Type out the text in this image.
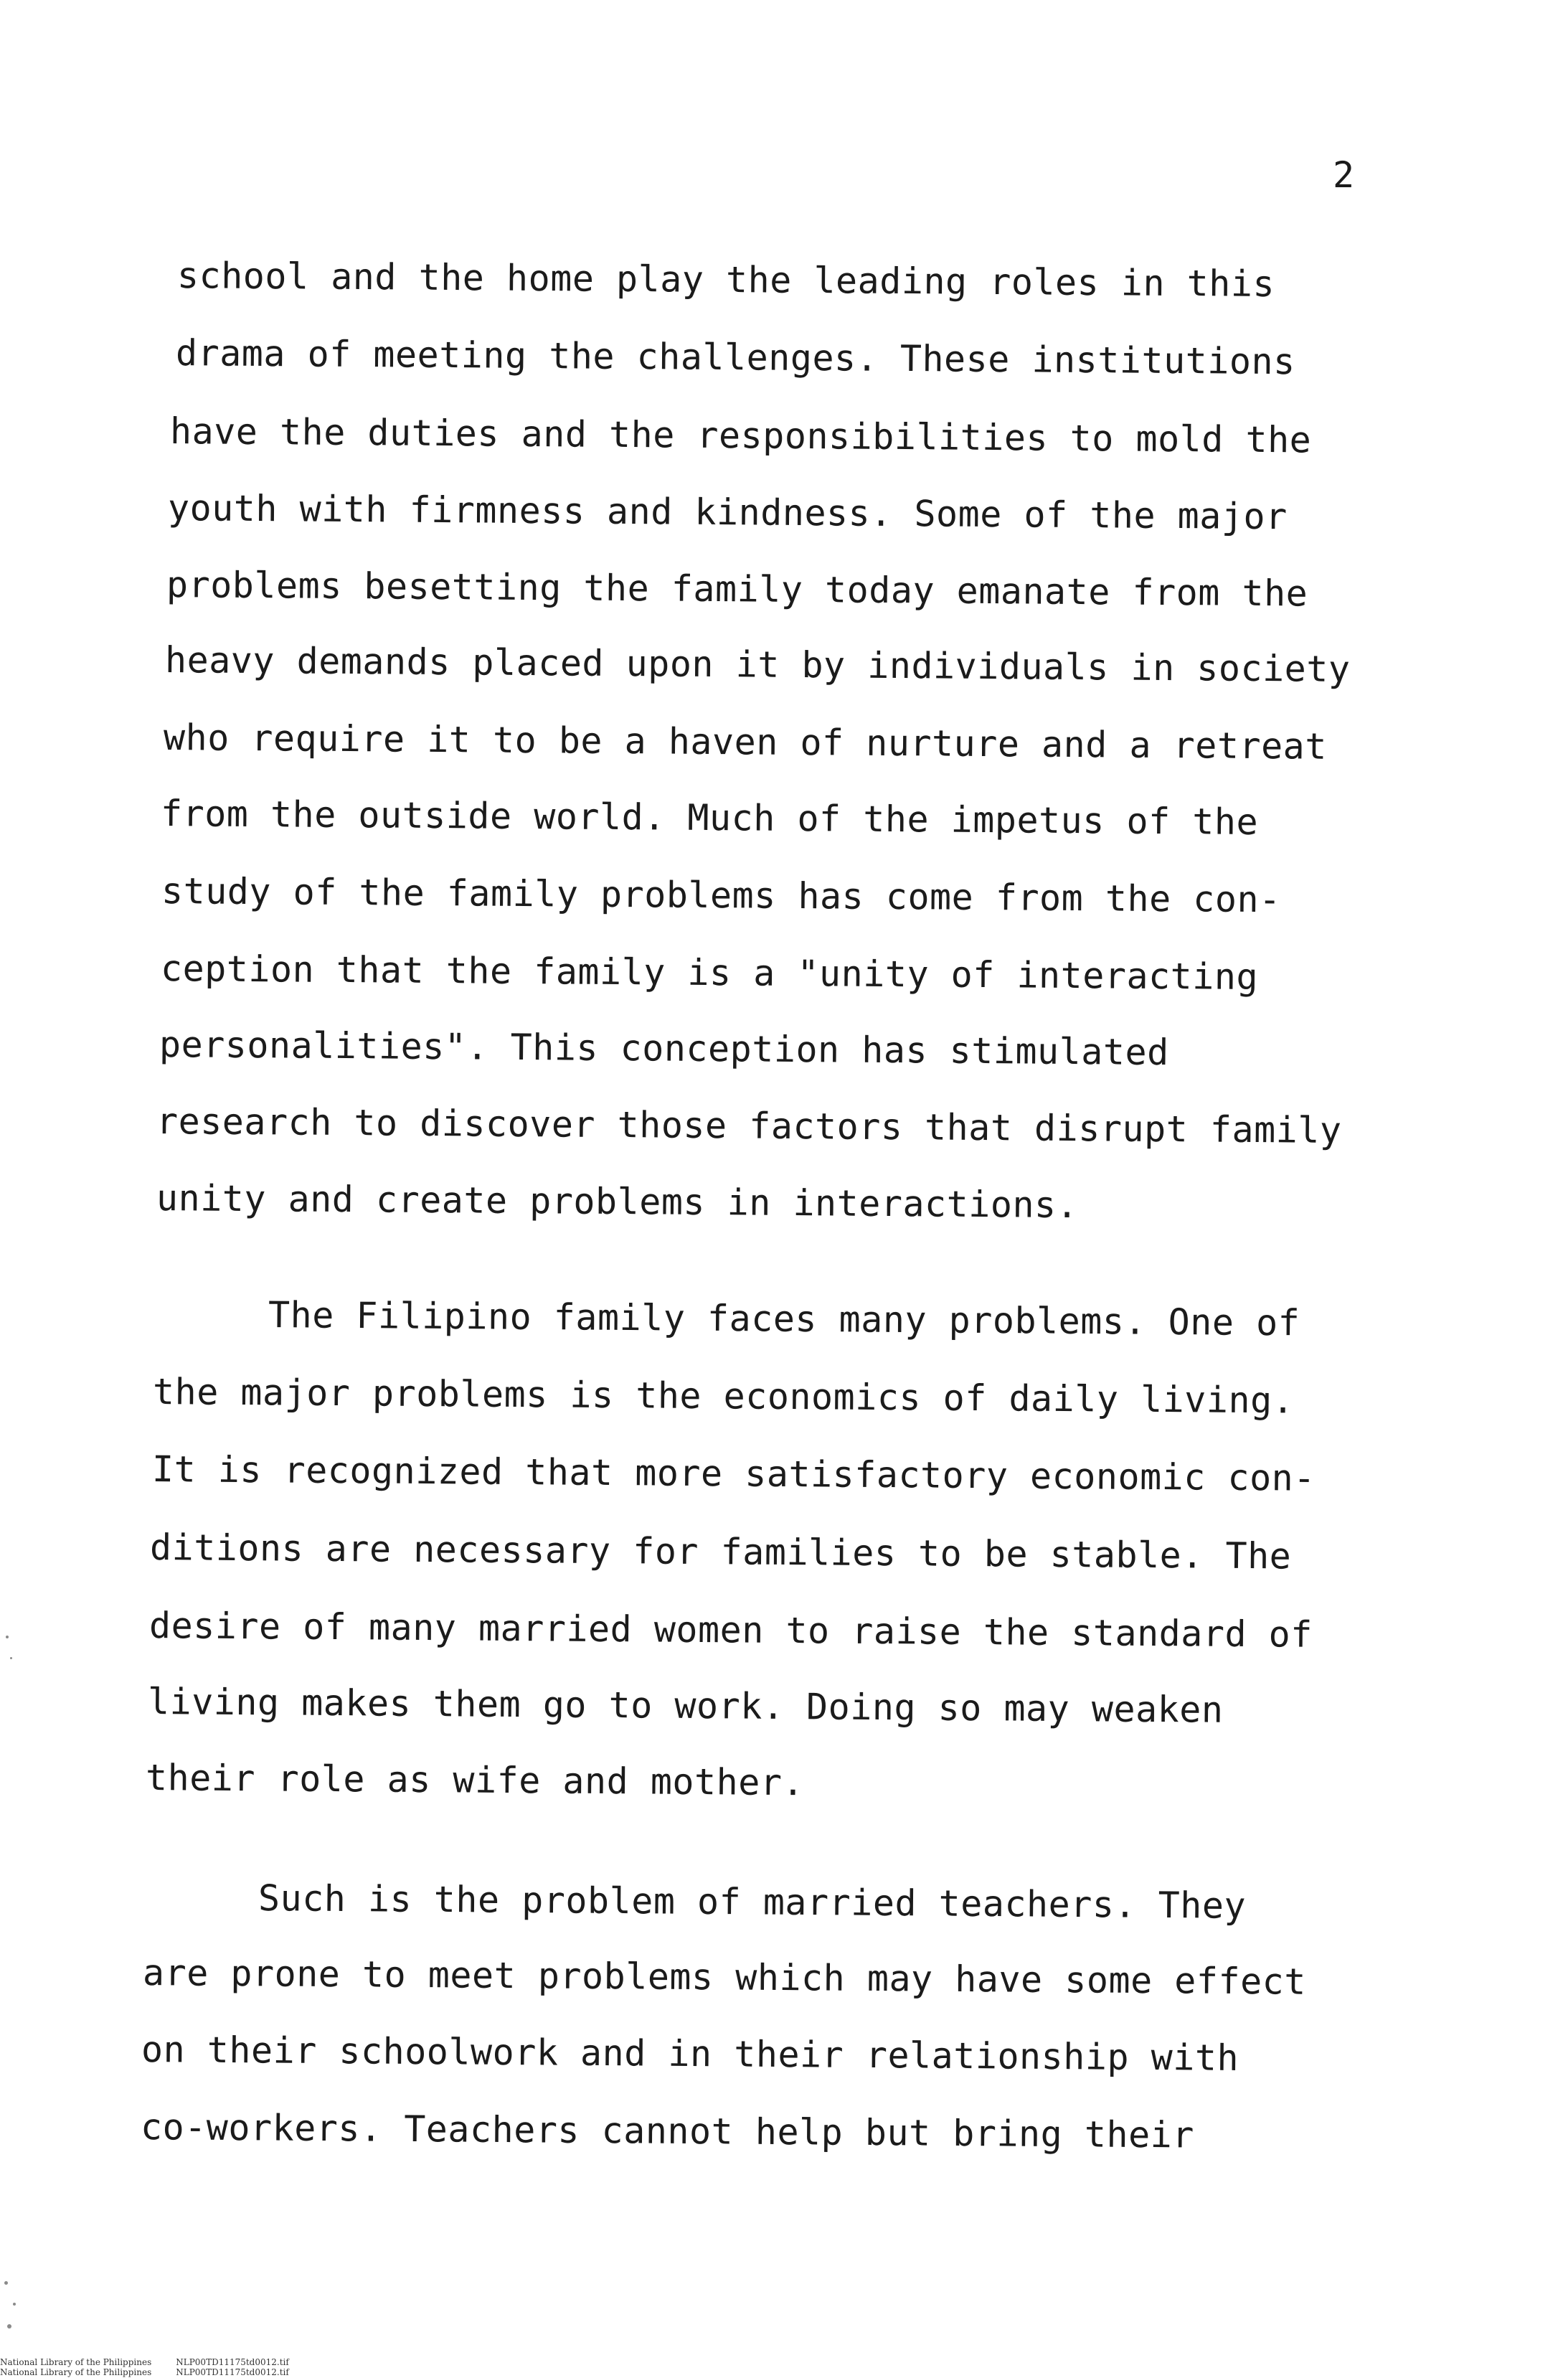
2
school and the home play the leading roles in this
drama of meeting the challenges. These institutions
have the duties and the responsibilities to mold the
youth with firmness and kindness. Some of the major
problems besetting the family today emanate from the
heavy demands placed upon it by individuals in society
who require it to be a haven of nurture and a retreat
from the outside world. Much of the impetus of the
study of the family problems has come from the con-
ception that the family is a "unity of interacting
personalities". This conception has stimulated
research to discover those factors that disrupt family
unity and create problems in interactions.
The Filipino family faces many problems. One of
the major problems is the economics of daily living.
It is recognized that more satisfactory economic con-
ditions are necessary for families to be stable. The
desire of many married women to raise the standard of
living makes them go to work. Doing so may weaken
their role as wife and mother.
Such is the problem of married teachers. They
are prone to meet problems which may have some effect
on their schoolwork and in their relationship with
co-workers. Teachers cannot help but bring their
National Library of the Philippines	NLP00TD11175td0012.tif
National Library of the Philippines	NLP00TD11175td0012.tif
